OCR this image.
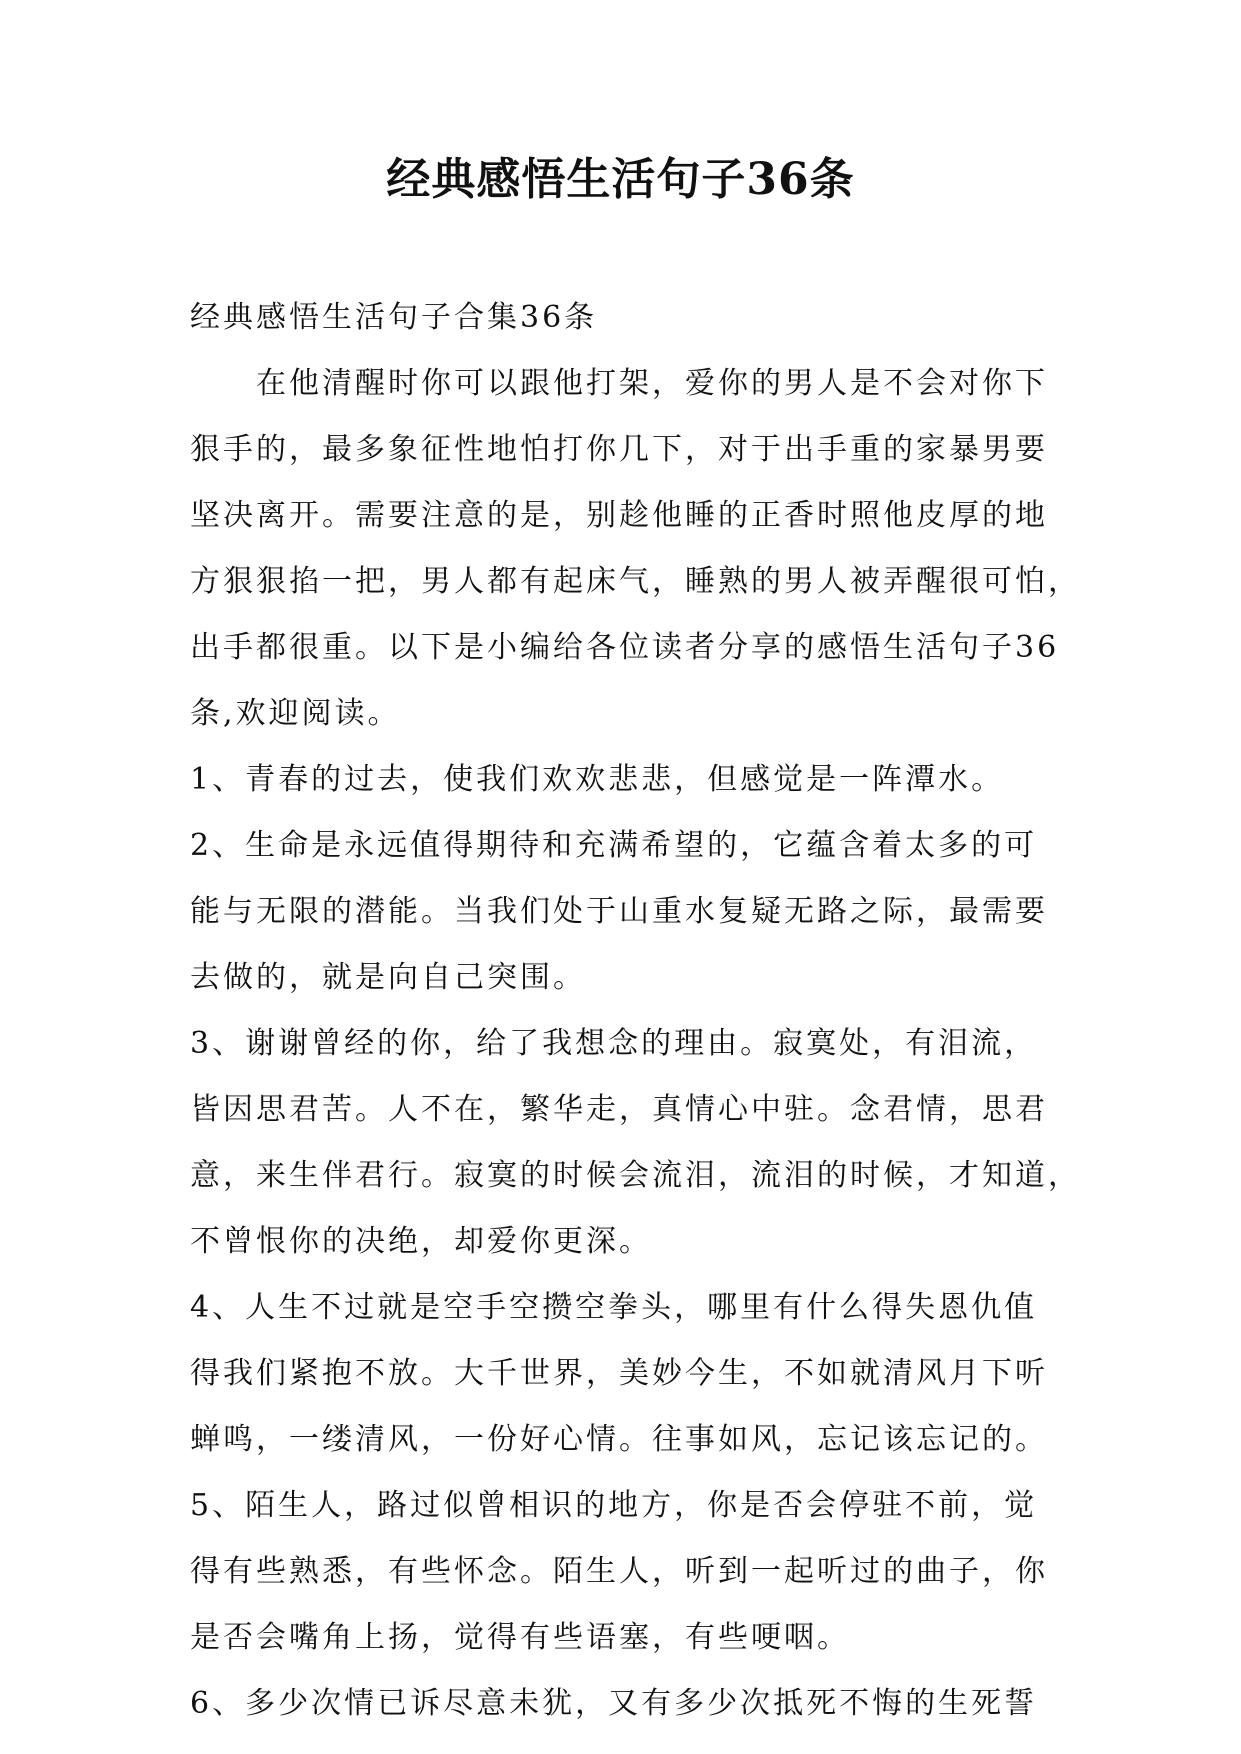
经典感悟生活句子36条
经典感悟生活句子合集36条
在他清醒时你可以跟他打架，爱你的男人是不会对你下
狠手的，最多象征性地怕打你几下，对于出手重的家暴男要
坚决离开。需要注意的是，别趁他睡的正香时照他皮厚的地
方狠狠掐一把，男人都有起床气，睡熟的男人被弄醒很可怕，
出手都很重。以下是小编给各位读者分享的感悟生活句子36
条,欢迎阅读。
1、青春的过去，使我们欢欢悲悲，但感觉是一阵潭水。
2、生命是永远值得期待和充满希望的，它蕴含着太多的可
能与无限的潜能。当我们处于山重水复疑无路之际，最需要
去做的，就是向自己突围。
3、谢谢曾经的你，给了我想念的理由。寂寞处，有泪流，
皆因思君苦。人不在，繁华走，真情心中驻。念君情，思君
意，来生伴君行。寂寞的时候会流泪，流泪的时候，才知道，
不曾恨你的决绝，却爱你更深。
4、人生不过就是空手空攒空拳头，哪里有什么得失恩仇值
得我们紧抱不放。大千世界，美妙今生，不如就清风月下听
蝉鸣，一缕清风，一份好心情。往事如风，忘记该忘记的。
5、陌生人，路过似曾相识的地方，你是否会停驻不前，觉
得有些熟悉，有些怀念。陌生人，听到一起听过的曲子，你
是否会嘴角上扬，觉得有些语塞，有些哽咽。
6、多少次情已诉尽意未犹，又有多少次抵死不悔的生死誓
